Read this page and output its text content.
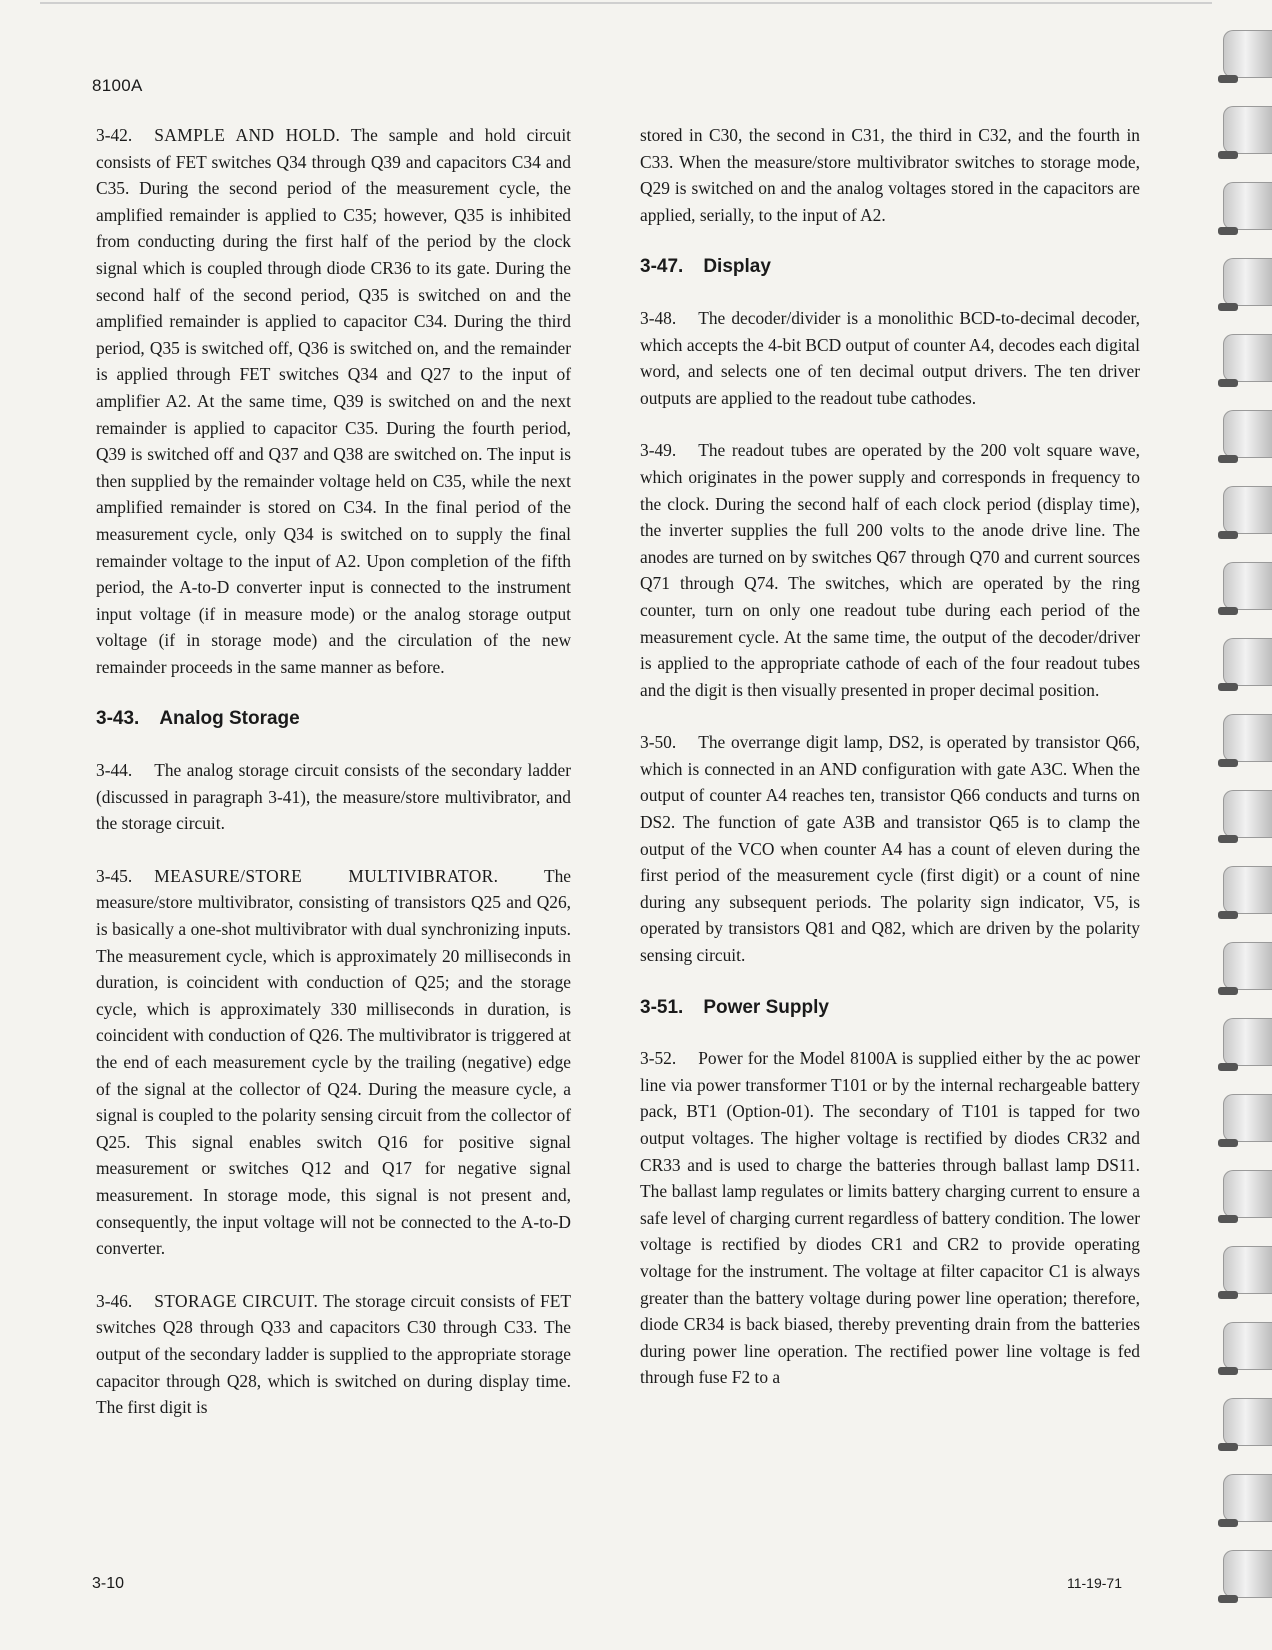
8100A

3-42. SAMPLE AND HOLD. The sample and hold circuit consists of FET switches Q34 through Q39 and capacitors C34 and C35. During the second period of the measurement cycle, the amplified remainder is applied to C35; however, Q35 is inhibited from conducting during the first half of the period by the clock signal which is coupled through diode CR36 to its gate. During the second half of the second period, Q35 is switched on and the amplified remainder is applied to capacitor C34. During the third period, Q35 is switched off, Q36 is switched on, and the remainder is applied through FET switches Q34 and Q27 to the input of amplifier A2. At the same time, Q39 is switched on and the next remainder is applied to capacitor C35. During the fourth period, Q39 is switched off and Q37 and Q38 are switched on. The input is then supplied by the remainder voltage held on C35, while the next amplified remainder is stored on C34. In the final period of the measurement cycle, only Q34 is switched on to supply the final remainder voltage to the input of A2. Upon completion of the fifth period, the A-to-D converter input is connected to the instrument input voltage (if in measure mode) or the analog storage output voltage (if in storage mode) and the circulation of the new remainder proceeds in the same manner as before.

3-43. Analog Storage

3-44. The analog storage circuit consists of the secondary ladder (discussed in paragraph 3-41), the measure/store multivibrator, and the storage circuit.

3-45. MEASURE/STORE MULTIVIBRATOR.	The measure/store multivibrator, consisting of transistors Q25 and Q26, is basically a one-shot multivibrator with dual synchronizing inputs. The measurement cycle, which is approximately 20 milliseconds in duration, is coincident with conduction of Q25; and the storage cycle, which is approximately 330 milliseconds in duration, is coincident with conduction of Q26. The multivibrator is triggered at the end of each measurement cycle by the trailing (negative) edge of the signal at the collector of Q24. During the measure cycle, a signal is coupled to the polarity sensing circuit from the collector of Q25. This signal enables switch Q16 for positive signal measurement or switches Q12 and Q17 for negative signal measurement. In storage mode, this signal is not present and, consequently, the input voltage will not be connected to the A-to-D converter.

3-46. STORAGE CIRCUIT. The storage circuit consists of FET switches Q28 through Q33 and capacitors C30 through C33. The output of the secondary ladder is supplied to the appropriate storage capacitor through Q28, which is switched on during display time. The first digit is

stored in C30, the second in C31, the third in C32, and the fourth in C33. When the measure/store multivibrator switches to storage mode, Q29 is switched on and the analog voltages stored in the capacitors are applied, serially, to the input of A2.

3-47. Display

3-48. The decoder/divider is a monolithic BCD-to-decimal decoder, which accepts the 4-bit BCD output of counter A4, decodes each digital word, and selects one of ten decimal output drivers. The ten driver outputs are applied to the readout tube cathodes.

3-49. The readout tubes are operated by the 200 volt square wave, which originates in the power supply and corresponds in frequency to the clock. During the second half of each clock period (display time), the inverter supplies the full 200 volts to the anode drive line. The anodes are turned on by switches Q67 through Q70 and current sources Q71 through Q74. The switches, which are operated by the ring counter, turn on only one readout tube during each period of the measurement cycle. At the same time, the output of the decoder/driver is applied to the appropriate cathode of each of the four readout tubes and the digit is then visually presented in proper decimal position.

3-50. The overrange digit lamp, DS2, is operated by transistor Q66, which is connected in an AND configuration with gate A3C. When the output of counter A4 reaches ten, transistor Q66 conducts and turns on DS2. The function of gate A3B and transistor Q65 is to clamp the output of the VCO when counter A4 has a count of eleven during the first period of the measurement cycle (first digit) or a count of nine during any subsequent periods. The polarity sign indicator, V5, is operated by transistors Q81 and Q82, which are driven by the polarity sensing circuit.

3-51. Power Supply

3-52. Power for the Model 8100A is supplied either by the ac power line via power transformer T101 or by the internal rechargeable battery pack, BT1 (Option-01). The secondary of T101 is tapped for two output voltages. The higher voltage is rectified by diodes CR32 and CR33 and is used to charge the batteries through ballast lamp DS11. The ballast lamp regulates or limits battery charging current to ensure a safe level of charging current regardless of battery condition. The lower voltage is rectified by diodes CR1 and CR2 to provide operating voltage for the instrument. The voltage at filter capacitor C1 is always greater than the battery voltage during power line operation; therefore, diode CR34 is back biased, thereby preventing drain from the batteries during power line operation. The rectified power line voltage is fed through fuse F2 to a

3-10	11-19-71
